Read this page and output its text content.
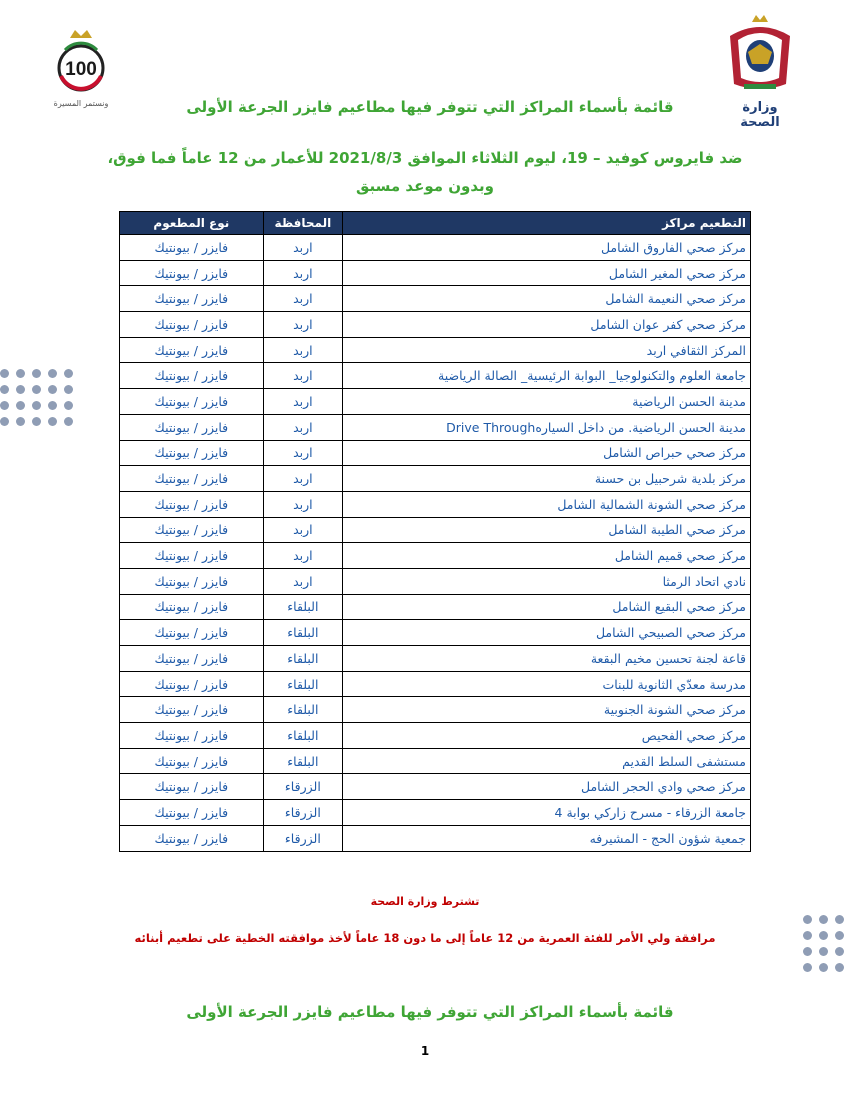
100
ونستمر المسيرة	وزارة الصحة
قائمة بأسماء المراكز التي تتوفر فيها مطاعيم فايزر الجرعة الأولى
ضد فايروس كوفيد – 19، ليوم الثلاثاء الموافق 2021/8/3 للأعمار من 12 عاماً فما فوق،
وبدون موعد مسبق
التطعيم مراكز	المحافظة	نوع المطعوم
مركز صحي الفاروق الشامل	اربد	فايزر / بيونتيك
مركز صحي المغير الشامل	اربد	فايزر / بيونتيك
مركز صحي النعيمة الشامل	اربد	فايزر / بيونتيك
مركز صحي كفر عوان الشامل	اربد	فايزر / بيونتيك
المركز الثقافي اربد	اربد	فايزر / بيونتيك
جامعة العلوم والتكنولوجيا_ البوابة الرئيسية_ الصالة الرياضية	اربد	فايزر / بيونتيك
مدينة الحسن الرياضية	اربد	فايزر / بيونتيك
مدينة الحسن الرياضية. من داخل السيارهDrive Through	اربد	فايزر / بيونتيك
مركز صحي حبراص الشامل	اربد	فايزر / بيونتيك
مركز بلدية شرحبيل بن حسنة	اربد	فايزر / بيونتيك
مركز صحي الشونة الشمالية الشامل	اربد	فايزر / بيونتيك
مركز صحي الطيبة الشامل	اربد	فايزر / بيونتيك
مركز صحي قميم الشامل	اربد	فايزر / بيونتيك
نادي اتحاد الرمثا	اربد	فايزر / بيونتيك
مركز صحي البقيع الشامل	البلقاء	فايزر / بيونتيك
مركز صحي الصبيحي الشامل	البلقاء	فايزر / بيونتيك
قاعة لجنة تحسين مخيم البقعة	البلقاء	فايزر / بيونتيك
مدرسة معدّي الثانوية للبنات	البلقاء	فايزر / بيونتيك
مركز صحي الشونة الجنوبية	البلقاء	فايزر / بيونتيك
مركز صحي الفحيص	البلقاء	فايزر / بيونتيك
مستشفى السلط القديم	البلقاء	فايزر / بيونتيك
مركز صحي وادي الحجر الشامل	الزرقاء	فايزر / بيونتيك
جامعة الزرقاء - مسرح زاركي بوابة 4	الزرقاء	فايزر / بيونتيك
جمعية شؤون الحج - المشيرفه	الزرقاء	فايزر / بيونتيك
تشترط وزارة الصحة
مرافقة ولي الأمر للفئة العمرية من 12 عاماً إلى ما دون 18 عاماً لأخذ موافقته الخطية على تطعيم أبنائه
قائمة بأسماء المراكز التي تتوفر فيها مطاعيم فايزر الجرعة الأولى
1
